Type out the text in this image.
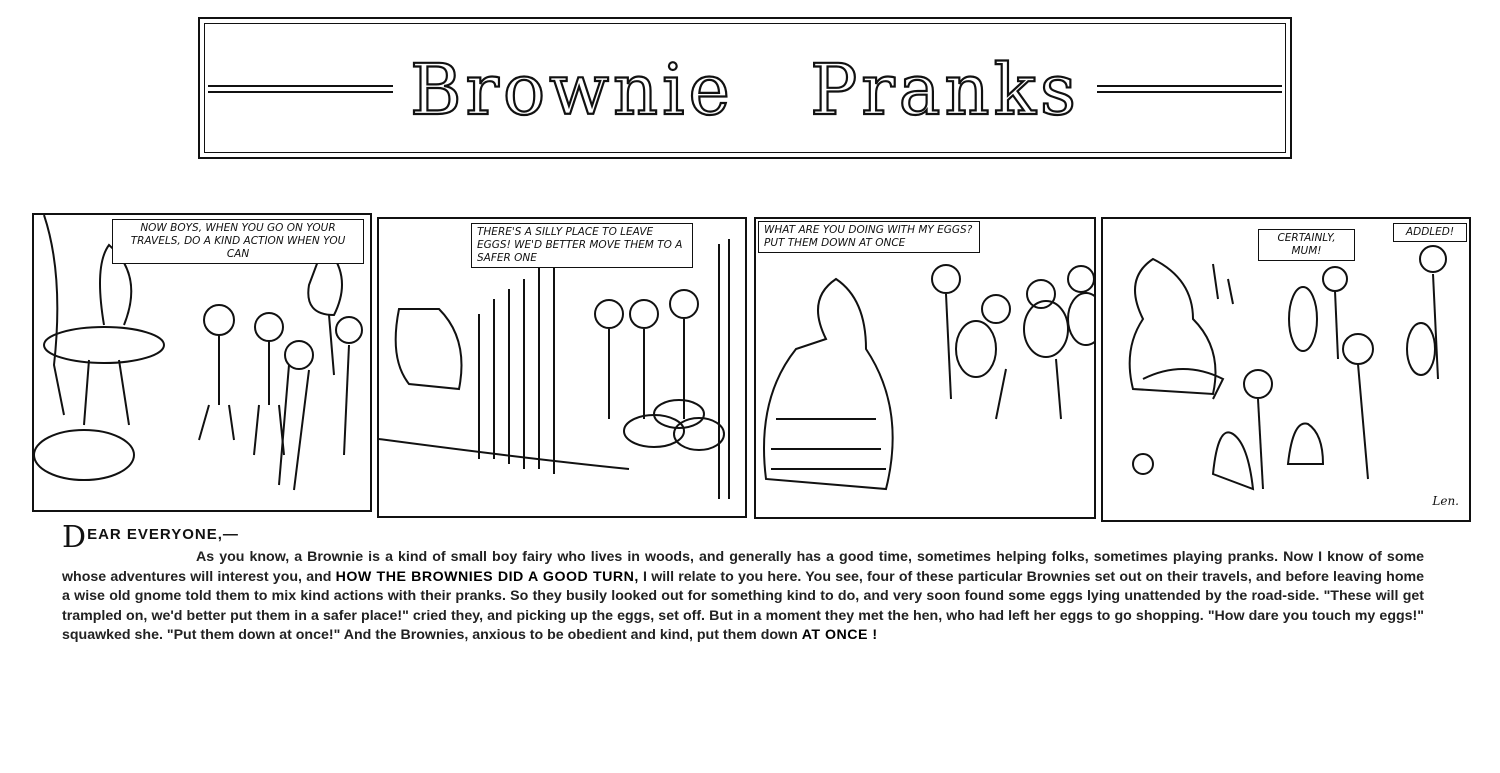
Brownie Pranks
NOW BOYS, WHEN YOU GO ON YOUR TRAVELS, DO A KIND ACTION WHEN YOU CAN
THERE'S A SILLY PLACE TO LEAVE EGGS! WE'D BETTER MOVE THEM TO A SAFER ONE
WHAT ARE YOU DOING WITH MY EGGS? PUT THEM DOWN AT ONCE	CERTAINLY, MUM!
ADDLED!
Len.
DEAR EVERYONE,—
As you know, a Brownie is a kind of small boy fairy who lives in woods, and generally has a good time, sometimes helping folks, sometimes playing pranks. Now I know of some whose adventures will interest you, and HOW THE BROWNIES DID A GOOD TURN, I will relate to you here. You see, four of these particular Brownies set out on their travels, and before leaving home a wise old gnome told them to mix kind actions with their pranks. So they busily looked out for something kind to do, and very soon found some eggs lying unattended by the road-side. "These will get trampled on, we'd better put them in a safer place!" cried they, and picking up the eggs, set off. But in a moment they met the hen, who had left her eggs to go shopping. "How dare you touch my eggs!" squawked she. "Put them down at once!" And the Brownies, anxious to be obedient and kind, put them down AT ONCE !
